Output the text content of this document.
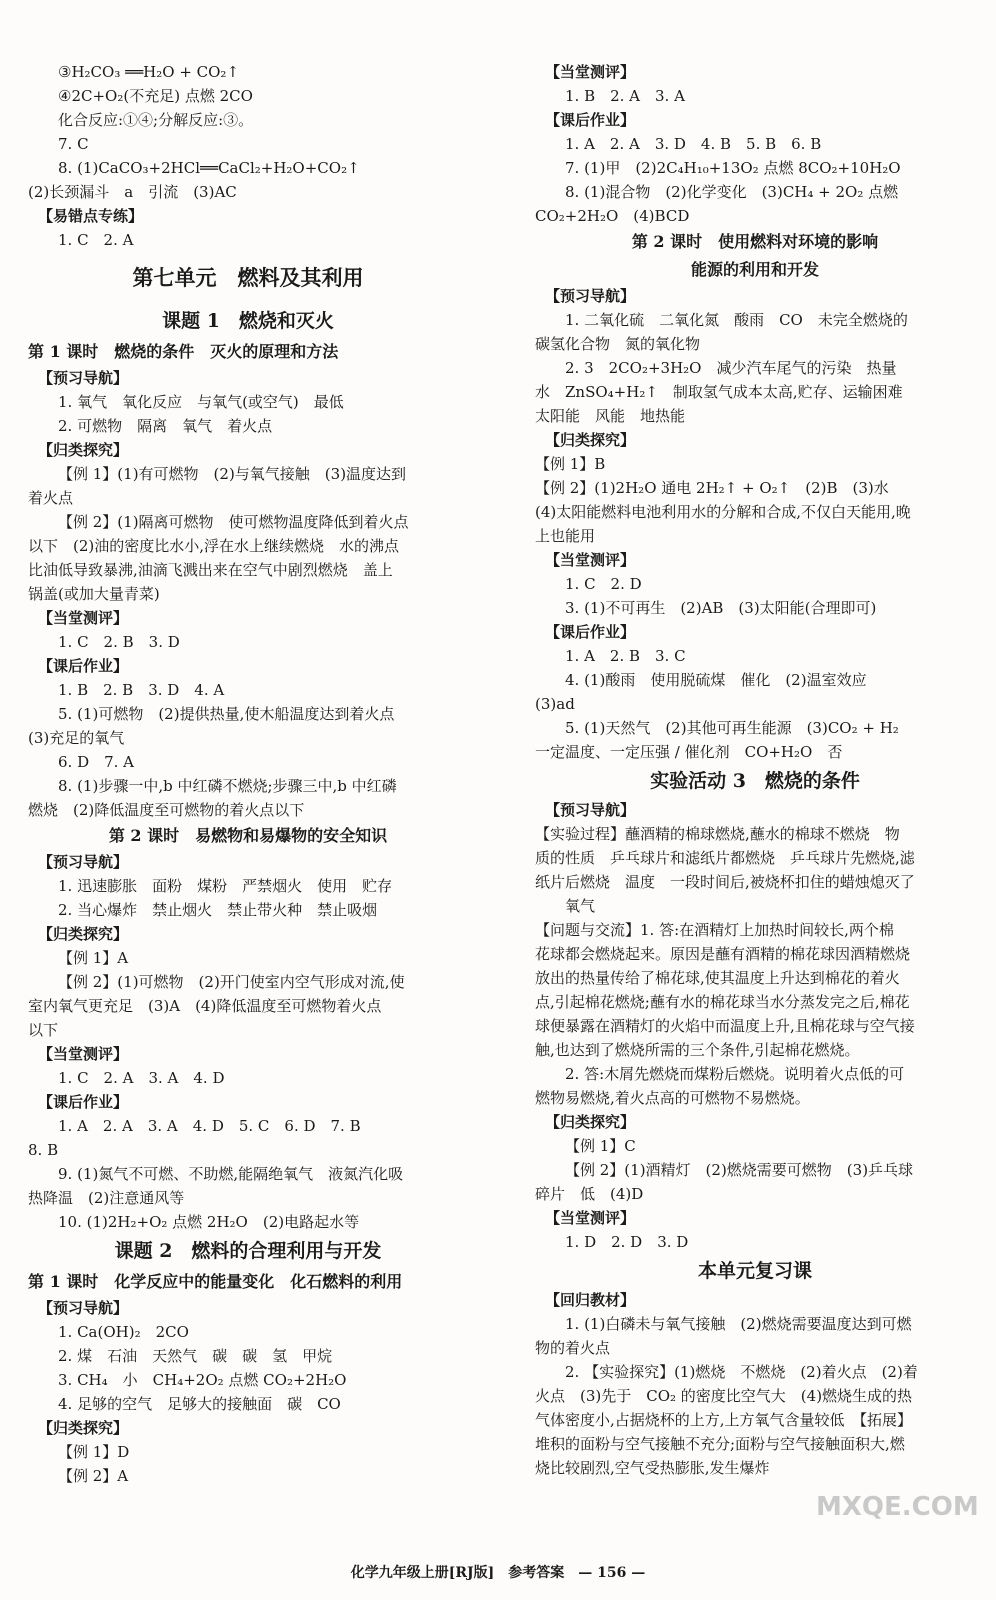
③H₂CO₃ ══H₂O + CO₂↑
④2C+O₂(不充足) 点燃 2CO
化合反应:①④;分解反应:③。
7. C
8. (1)CaCO₃+2HCl══CaCl₂+H₂O+CO₂↑
(2)长颈漏斗　a　引流　(3)AC
【易错点专练】
1. C　2. A
第七单元　燃料及其利用
课题 1　燃烧和灭火
第 1 课时　燃烧的条件　灭火的原理和方法
【预习导航】
1. 氧气　氧化反应　与氧气(或空气)　最低
2. 可燃物　隔离　氧气　着火点
【归类探究】
【例 1】(1)有可燃物　(2)与氧气接触　(3)温度达到
着火点
【例 2】(1)隔离可燃物　使可燃物温度降低到着火点
以下　(2)油的密度比水小,浮在水上继续燃烧　水的沸点
比油低导致暴沸,油滴飞溅出来在空气中剧烈燃烧　盖上
锅盖(或加大量青菜)
【当堂测评】
1. C　2. B　3. D
【课后作业】
1. B　2. B　3. D　4. A
5. (1)可燃物　(2)提供热量,使木船温度达到着火点
(3)充足的氧气
6. D　7. A
8. (1)步骤一中,b 中红磷不燃烧;步骤三中,b 中红磷
燃烧　(2)降低温度至可燃物的着火点以下
第 2 课时　易燃物和易爆物的安全知识
【预习导航】
1. 迅速膨胀　面粉　煤粉　严禁烟火　使用　贮存
2. 当心爆炸　禁止烟火　禁止带火种　禁止吸烟
【归类探究】
【例 1】A
【例 2】(1)可燃物　(2)开门使室内空气形成对流,使
室内氧气更充足　(3)A　(4)降低温度至可燃物着火点
以下
【当堂测评】
1. C　2. A　3. A　4. D
【课后作业】
1. A　2. A　3. A　4. D　5. C　6. D　7. B
8. B
9. (1)氮气不可燃、不助燃,能隔绝氧气　液氮汽化吸
热降温　(2)注意通风等
10. (1)2H₂+O₂ 点燃 2H₂O　(2)电路起水等
课题 2　燃料的合理利用与开发
第 1 课时　化学反应中的能量变化　化石燃料的利用
【预习导航】
1. Ca(OH)₂　2CO
2. 煤　石油　天然气　碳　碳　氢　甲烷
3. CH₄　小　CH₄+2O₂ 点燃 CO₂+2H₂O
4. 足够的空气　足够大的接触面　碳　CO
【归类探究】
【例 1】D
【例 2】A
【当堂测评】
1. B　2. A　3. A
【课后作业】
1. A　2. A　3. D　4. B　5. B　6. B
7. (1)甲　(2)2C₄H₁₀+13O₂ 点燃 8CO₂+10H₂O
8. (1)混合物　(2)化学变化　(3)CH₄ + 2O₂ 点燃
CO₂+2H₂O　(4)BCD
第 2 课时　使用燃料对环境的影响
能源的利用和开发
【预习导航】
1. 二氧化硫　二氧化氮　酸雨　CO　未完全燃烧的
碳氢化合物　氮的氧化物
2. 3　2CO₂+3H₂O　减少汽车尾气的污染　热量
水　ZnSO₄+H₂↑　制取氢气成本太高,贮存、运输困难
太阳能　风能　地热能
【归类探究】
【例 1】B
【例 2】(1)2H₂O 通电 2H₂↑ + O₂↑　(2)B　(3)水
(4)太阳能燃料电池利用水的分解和合成,不仅白天能用,晚
上也能用
【当堂测评】
1. C　2. D
3. (1)不可再生　(2)AB　(3)太阳能(合理即可)
【课后作业】
1. A　2. B　3. C
4. (1)酸雨　使用脱硫煤　催化　(2)温室效应
(3)ad
5. (1)天然气　(2)其他可再生能源　(3)CO₂ + H₂
一定温度、一定压强 / 催化剂　CO+H₂O　否
实验活动 3　燃烧的条件
【预习导航】
【实验过程】蘸酒精的棉球燃烧,蘸水的棉球不燃烧　物
质的性质　乒乓球片和滤纸片都燃烧　乒乓球片先燃烧,滤
纸片后燃烧　温度　一段时间后,被烧杯扣住的蜡烛熄灭了
氧气
【问题与交流】1. 答:在酒精灯上加热时间较长,两个棉
花球都会燃烧起来。原因是蘸有酒精的棉花球因酒精燃烧
放出的热量传给了棉花球,使其温度上升达到棉花的着火
点,引起棉花燃烧;蘸有水的棉花球当水分蒸发完之后,棉花
球便暴露在酒精灯的火焰中而温度上升,且棉花球与空气接
触,也达到了燃烧所需的三个条件,引起棉花燃烧。
2. 答:木屑先燃烧而煤粉后燃烧。说明着火点低的可
燃物易燃烧,着火点高的可燃物不易燃烧。
【归类探究】
【例 1】C
【例 2】(1)酒精灯　(2)燃烧需要可燃物　(3)乒乓球
碎片　低　(4)D
【当堂测评】
1. D　2. D　3. D
本单元复习课
【回归教材】
1. (1)白磷未与氧气接触　(2)燃烧需要温度达到可燃
物的着火点
2. 【实验探究】(1)燃烧　不燃烧　(2)着火点　(2)着
火点　(3)先于　CO₂ 的密度比空气大　(4)燃烧生成的热
气体密度小,占据烧杯的上方,上方氧气含量较低　【拓展】
堆积的面粉与空气接触不充分;面粉与空气接触面积大,燃
烧比较剧烈,空气受热膨胀,发生爆炸
化学九年级上册[RJ版]　参考答案　— 156 —
MXQE.COM
